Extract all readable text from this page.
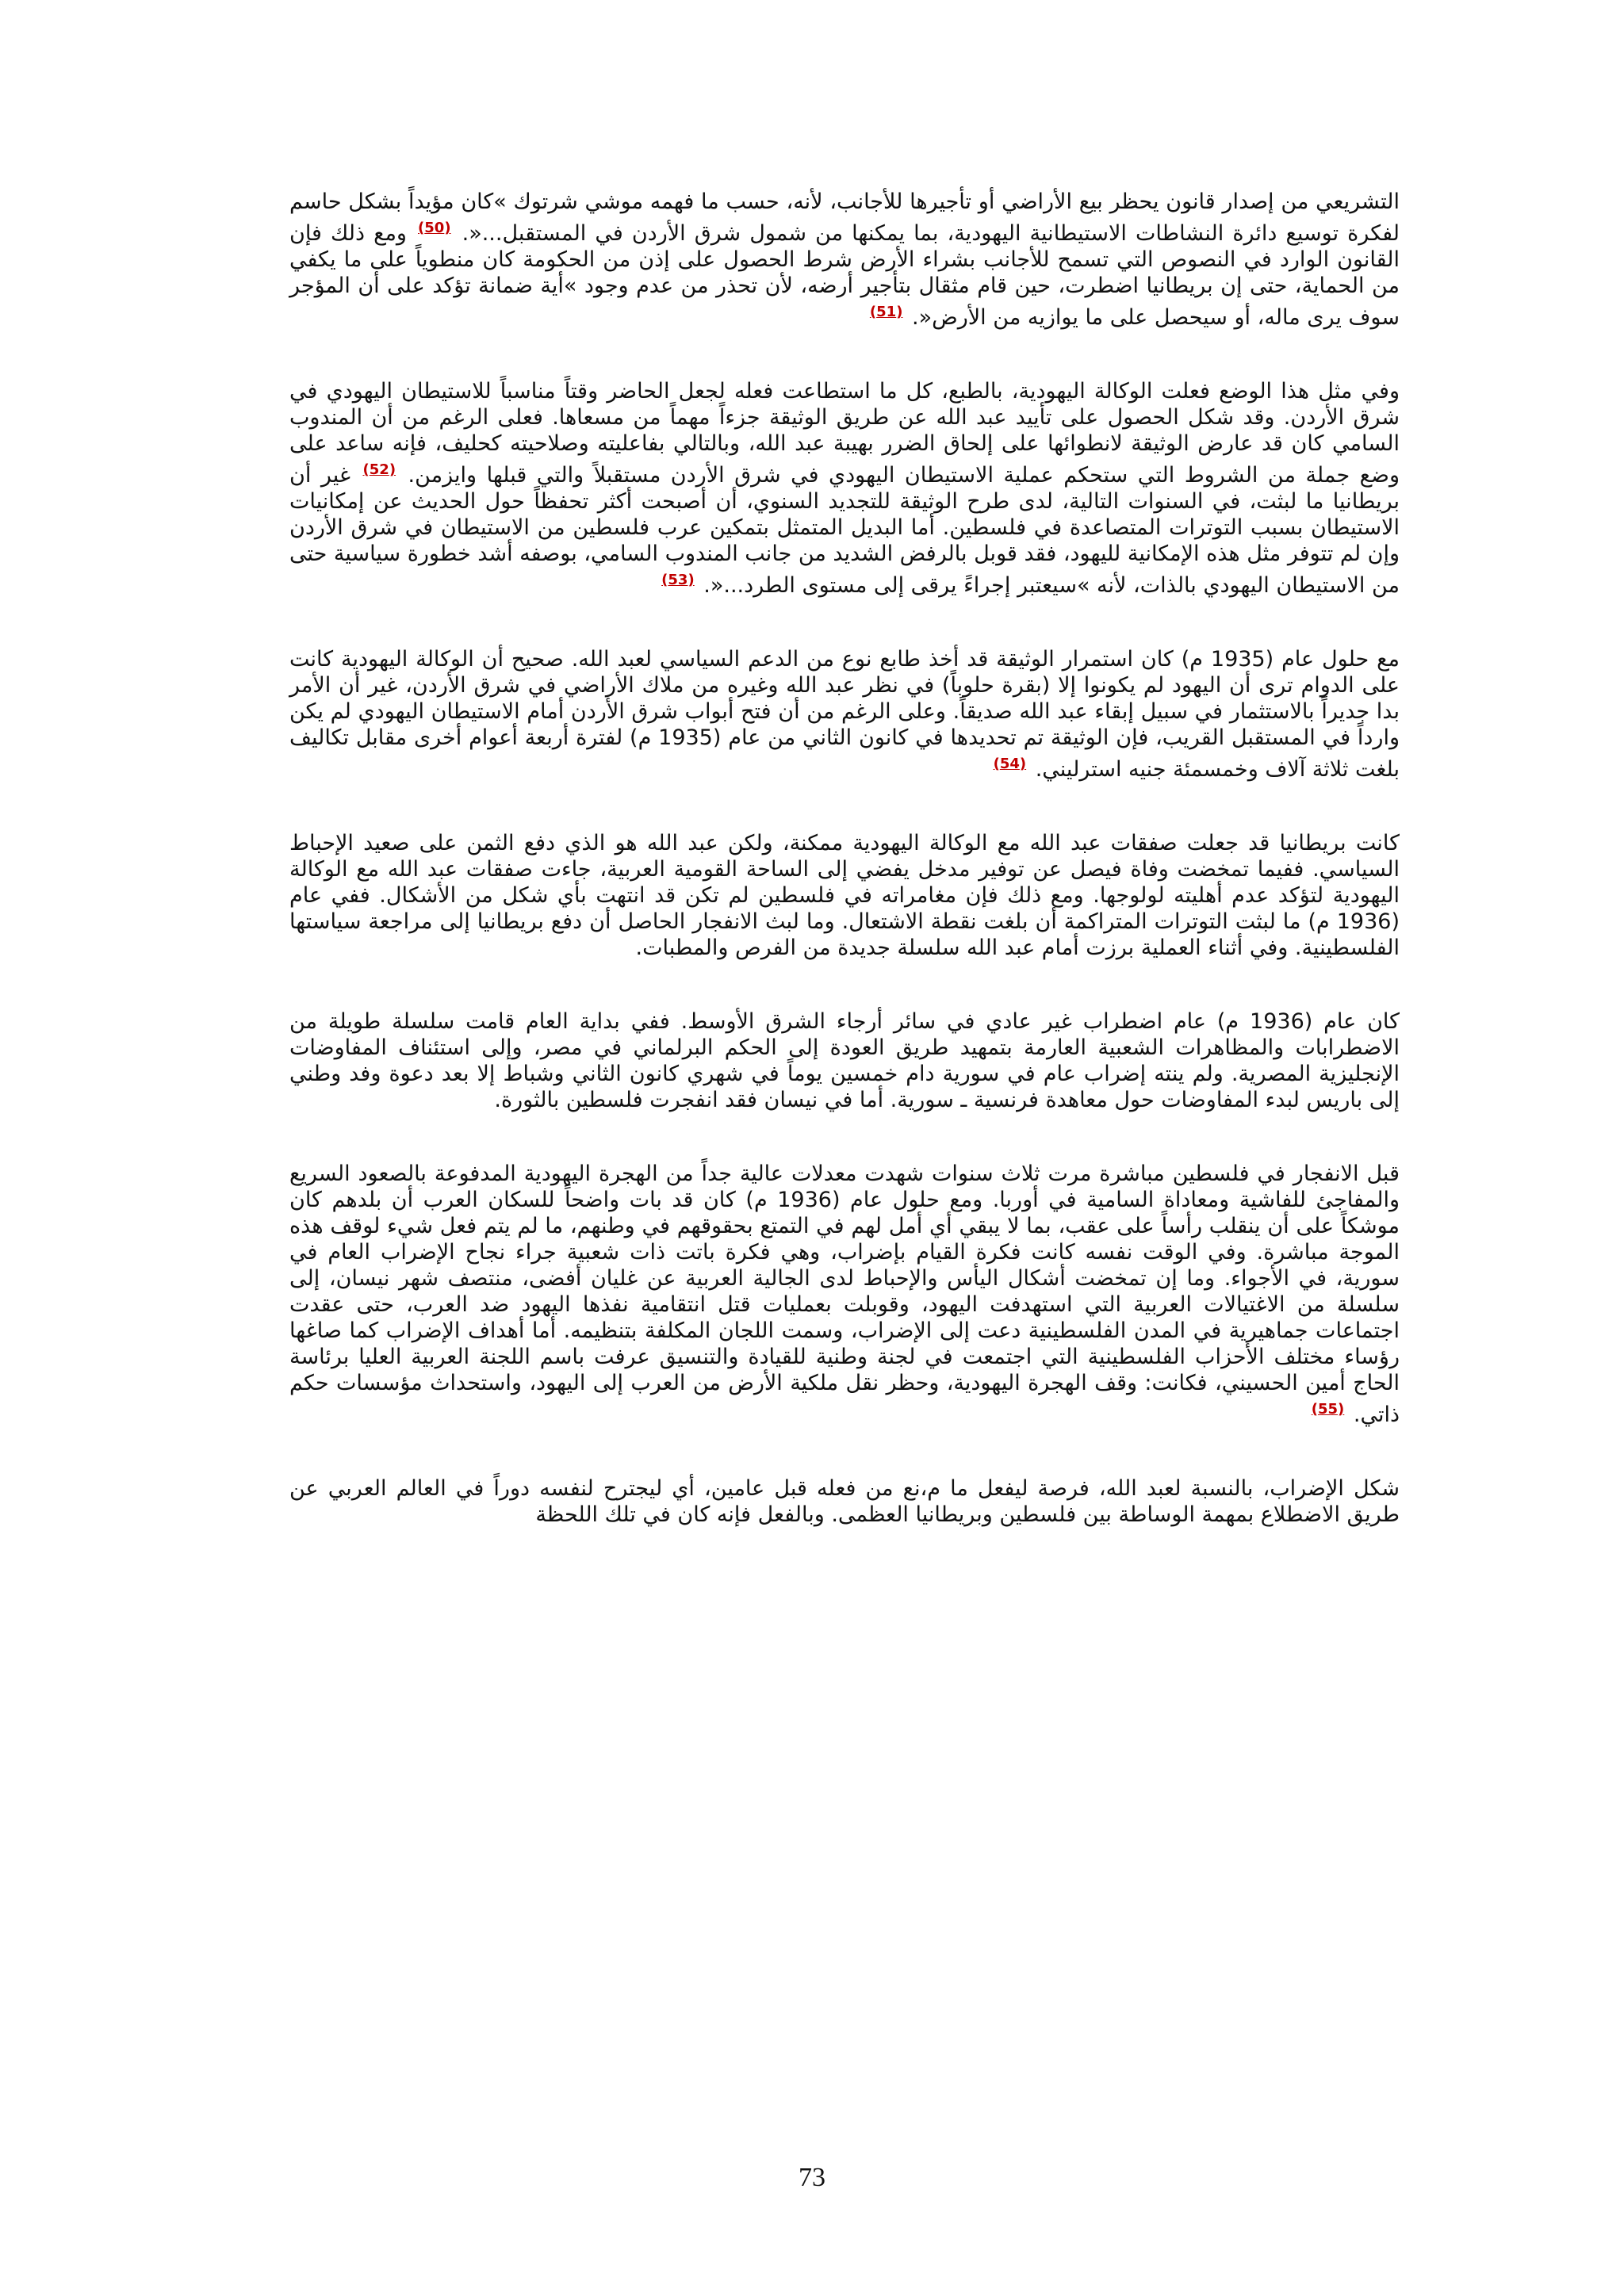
التشريعي من إصدار قانون يحظر بيع الأراضي أو تأجيرها للأجانب، لأنه، حسب ما فهمه موشي شرتوك »كان مؤيداً بشكل حاسم لفكرة توسيع دائرة النشاطات الاستيطانية اليهودية، بما يمكنها من شمول شرق الأردن في المستقبل...«. $^{(50)}$ ومع ذلك فإن القانون الوارد في النصوص التي تسمح للأجانب بشراء الأرض شرط الحصول على إذن من الحكومة كان منطوياً على ما يكفي من الحماية، حتى إن بريطانيا اضطرت، حين قام مثقال بتأجير أرضه، لأن تحذر من عدم وجود »أية ضمانة تؤكد على أن المؤجر سوف يرى ماله، أو سيحصل على ما يوازيه من الأرض«. $^{(51)}$

وفي مثل هذا الوضع فعلت الوكالة اليهودية، بالطبع، كل ما استطاعت فعله لجعل الحاضر وقتاً مناسباً للاستيطان اليهودي في شرق الأردن. وقد شكل الحصول على تأييد عبد الله عن طريق الوثيقة جزءاً مهماً من مسعاها. فعلى الرغم من أن المندوب السامي كان قد عارض الوثيقة لانطوائها على إلحاق الضرر بهيبة عبد الله، وبالتالي بفاعليته وصلاحيته كحليف، فإنه ساعد على وضع جملة من الشروط التي ستحكم عملية الاستيطان اليهودي في شرق الأردن مستقبلاً والتي قبلها وايزمن. $^{(52)}$ غير أن بريطانيا ما لبثت، في السنوات التالية، لدى طرح الوثيقة للتجديد السنوي، أن أصبحت أكثر تحفظاً حول الحديث عن إمكانيات الاستيطان بسبب التوترات المتصاعدة في فلسطين. أما البديل المتمثل بتمكين عرب فلسطين من الاستيطان في شرق الأردن وإن لم تتوفر مثل هذه الإمكانية لليهود، فقد قوبل بالرفض الشديد من جانب المندوب السامي، بوصفه أشد خطورة سياسية حتى من الاستيطان اليهودي بالذات، لأنه »سيعتبر إجراءً يرقى إلى مستوى الطرد...«. $^{(53)}$

مع حلول عام (1935 م) كان استمرار الوثيقة قد أخذ طابع نوع من الدعم السياسي لعبد الله. صحيح أن الوكالة اليهودية كانت على الدوام ترى أن اليهود لم يكونوا إلا (بقرة حلوباً) في نظر عبد الله وغيره من ملاك الأراضي في شرق الأردن، غير أن الأمر بدا جديراً بالاستثمار في سبيل إبقاء عبد الله صديقاً. وعلى الرغم من أن فتح أبواب شرق الأردن أمام الاستيطان اليهودي لم يكن وارداً في المستقبل القريب، فإن الوثيقة تم تحديدها في كانون الثاني من عام (1935 م) لفترة أربعة أعوام أخرى مقابل تكاليف بلغت ثلاثة آلاف وخمسمئة جنيه استرليني. $^{(54)}$

كانت بريطانيا قد جعلت صفقات عبد الله مع الوكالة اليهودية ممكنة، ولكن عبد الله هو الذي دفع الثمن على صعيد الإحباط السياسي. ففيما تمخضت وفاة فيصل عن توفير مدخل يفضي إلى الساحة القومية العربية، جاءت صفقات عبد الله مع الوكالة اليهودية لتؤكد عدم أهليته لولوجها. ومع ذلك فإن مغامراته في فلسطين لم تكن قد انتهت بأي شكل من الأشكال. ففي عام (1936 م) ما لبثت التوترات المتراكمة أن بلغت نقطة الاشتعال. وما لبث الانفجار الحاصل أن دفع بريطانيا إلى مراجعة سياستها الفلسطينية. وفي أثناء العملية برزت أمام عبد الله سلسلة جديدة من الفرص والمطبات.

كان عام (1936 م) عام اضطراب غير عادي في سائر أرجاء الشرق الأوسط. ففي بداية العام قامت سلسلة طويلة من الاضطرابات والمظاهرات الشعبية العارمة بتمهيد طريق العودة إلى الحكم البرلماني في مصر، وإلى استئناف المفاوضات الإنجليزية المصرية. ولم ينته إضراب عام في سورية دام خمسين يوماً في شهري كانون الثاني وشباط إلا بعد دعوة وفد وطني إلى باريس لبدء المفاوضات حول معاهدة فرنسية ـ سورية. أما في نيسان فقد انفجرت فلسطين بالثورة.

قبل الانفجار في فلسطين مباشرة مرت ثلاث سنوات شهدت معدلات عالية جداً من الهجرة اليهودية المدفوعة بالصعود السريع والمفاجئ للفاشية ومعاداة السامية في أوربا. ومع حلول عام (1936 م) كان قد بات واضحاً للسكان العرب أن بلدهم كان موشكاً على أن ينقلب رأساً على عقب، بما لا يبقي أي أمل لهم في التمتع بحقوقهم في وطنهم، ما لم يتم فعل شيء لوقف هذه الموجة مباشرة. وفي الوقت نفسه كانت فكرة القيام بإضراب، وهي فكرة باتت ذات شعبية جراء نجاح الإضراب العام في سورية، في الأجواء. وما إن تمخضت أشكال اليأس والإحباط لدى الجالية العربية عن غليان أفضى، منتصف شهر نيسان، إلى سلسلة من الاغتيالات العربية التي استهدفت اليهود، وقوبلت بعمليات قتل انتقامية نفذها اليهود ضد العرب، حتى عقدت اجتماعات جماهيرية في المدن الفلسطينية دعت إلى الإضراب، وسمت اللجان المكلفة بتنظيمه. أما أهداف الإضراب كما صاغها رؤساء مختلف الأحزاب الفلسطينية التي اجتمعت في لجنة وطنية للقيادة والتنسيق عرفت باسم اللجنة العربية العليا برئاسة الحاج أمين الحسيني، فكانت: وقف الهجرة اليهودية، وحظر نقل ملكية الأرض من العرب إلى اليهود، واستحداث مؤسسات حكم ذاتي. $^{(55)}$

شكل الإضراب، بالنسبة لعبد الله، فرصة ليفعل ما م،نع من فعله قبل عامين، أي ليجترح لنفسه دوراً في العالم العربي عن طريق الاضطلاع بمهمة الوساطة بين فلسطين وبريطانيا العظمى. وبالفعل فإنه كان في تلك اللحظة

73
